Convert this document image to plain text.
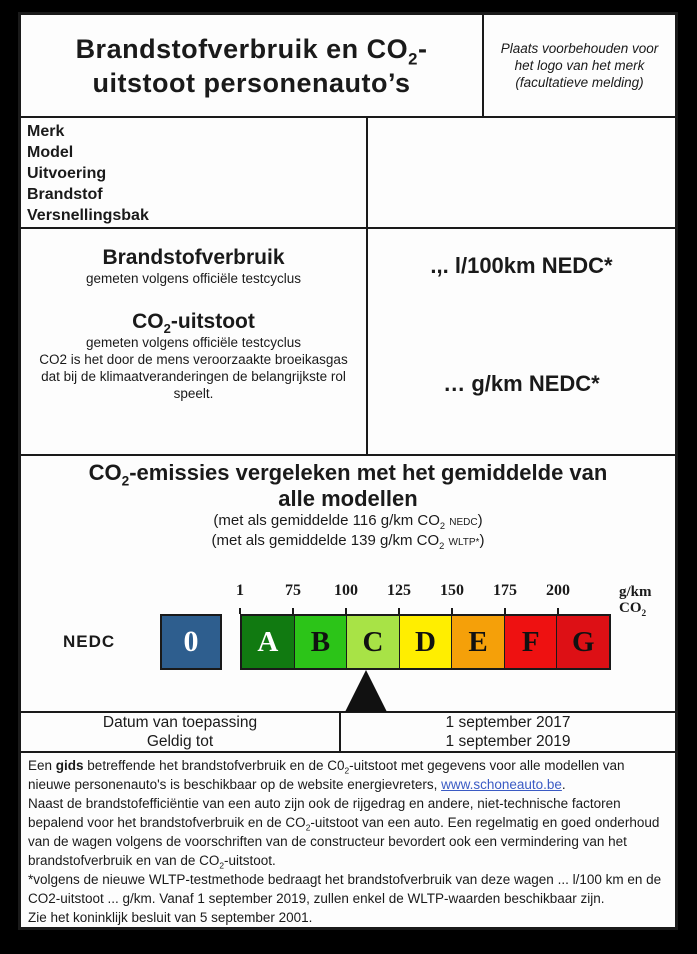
Brandstofverbruik en $CO_2-$
uitstoot personenauto’s
Plaats voorbehouden voor het logo van het merk (facultatieve melding)
Merk
Model
Uitvoering
Brandstof
Versnellingsbak
Brandstofverbruik
gemeten volgens officiële testcyclus
$CO_2$-uitstoot
gemeten volgens officiële testcyclus
CO2 is het door de mens veroorzaakte broeikasgas dat bij de klimaatveranderingen de belangrijkste rol speelt.
.,. l/100km NEDC*
… g/km NEDC*
$CO_2$-emissies vergeleken met het gemiddelde van
alle modellen
(met als gemiddelde 116 g/km $CO_2$ NEDC)
(met als gemiddelde 139 g/km $CO_2$ WLTP*)
NEDC
1	75 100 125 150 175 200	g/km
$CO_2$
0	A	B	C	D	E	F	G
Datum van toepassing	1 september 2017
Geldig tot	1 september 2019

Een gids betreffende het brandstofverbruik en de $C0_2$-uitstoot met gegevens voor alle modellen van nieuwe personenauto's is beschikbaar op de website energievreters, www.schoneauto.be.

Naast de brandstofefficiëntie van een auto zijn ook de rijgedrag en andere, niet-technische factoren bepalend voor het brandstofverbruik en de $CO_2$-uitstoot van een auto. Een regelmatig en goed onderhoud van de wagen volgens de voorschriften van de constructeur bevordert ook een vermindering van het brandstofverbruik en van de $CO_2$-uitstoot.

*volgens de nieuwe WLTP-testmethode bedraagt het brandstofverbruik van deze wagen ... l/100 km en de CO2-uitstoot ... g/km. Vanaf 1 september 2019, zullen enkel de WLTP-waarden beschikbaar zijn.

Zie het koninklijk besluit van 5 september 2001.
